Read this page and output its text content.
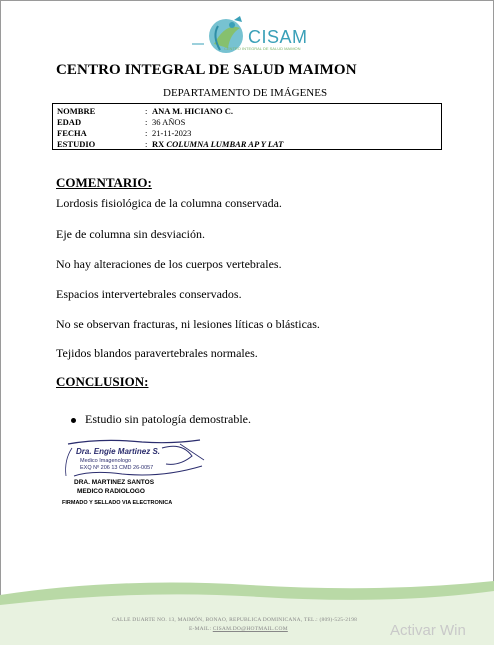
CISAM
CENTRO INTEGRAL DE SALUD MAIMON
CENTRO INTEGRAL DE SALUD MAIMON
DEPARTAMENTO DE IMÁGENES
NOMBRE	: ANA M. HICIANO C.
EDAD	: 36 AÑOS
FECHA	: 21-11-2023
ESTUDIO	: RX COLUMNA LUMBAR AP Y LAT
COMENTARIO:
Lordosis fisiológica de la columna conservada.
Eje de columna sin desviación.
No hay alteraciones de los cuerpos vertebrales.
Espacios intervertebrales conservados.
No se observan fracturas, ni lesiones líticas o blásticas.
Tejidos blandos paravertebrales normales.
CONCLUSION:
Estudio sin patología demostrable.
Dra. Engie Martinez S.
Medico Imagenologo
EXQ Nº 206 13 CMD 26-0057
DRA. MARTINEZ SANTOS
MEDICO RADIOLOGO
FIRMADO Y SELLADO VIA ELECTRONICA
CALLE DUARTE NO. 13, MAIMÓN, BONAO, REPUBLICA DOMINICANA, TEL.: (809)-525-2198
E-MAIL: CISAM.DO@HOTMAIL.COM	Activar Win
